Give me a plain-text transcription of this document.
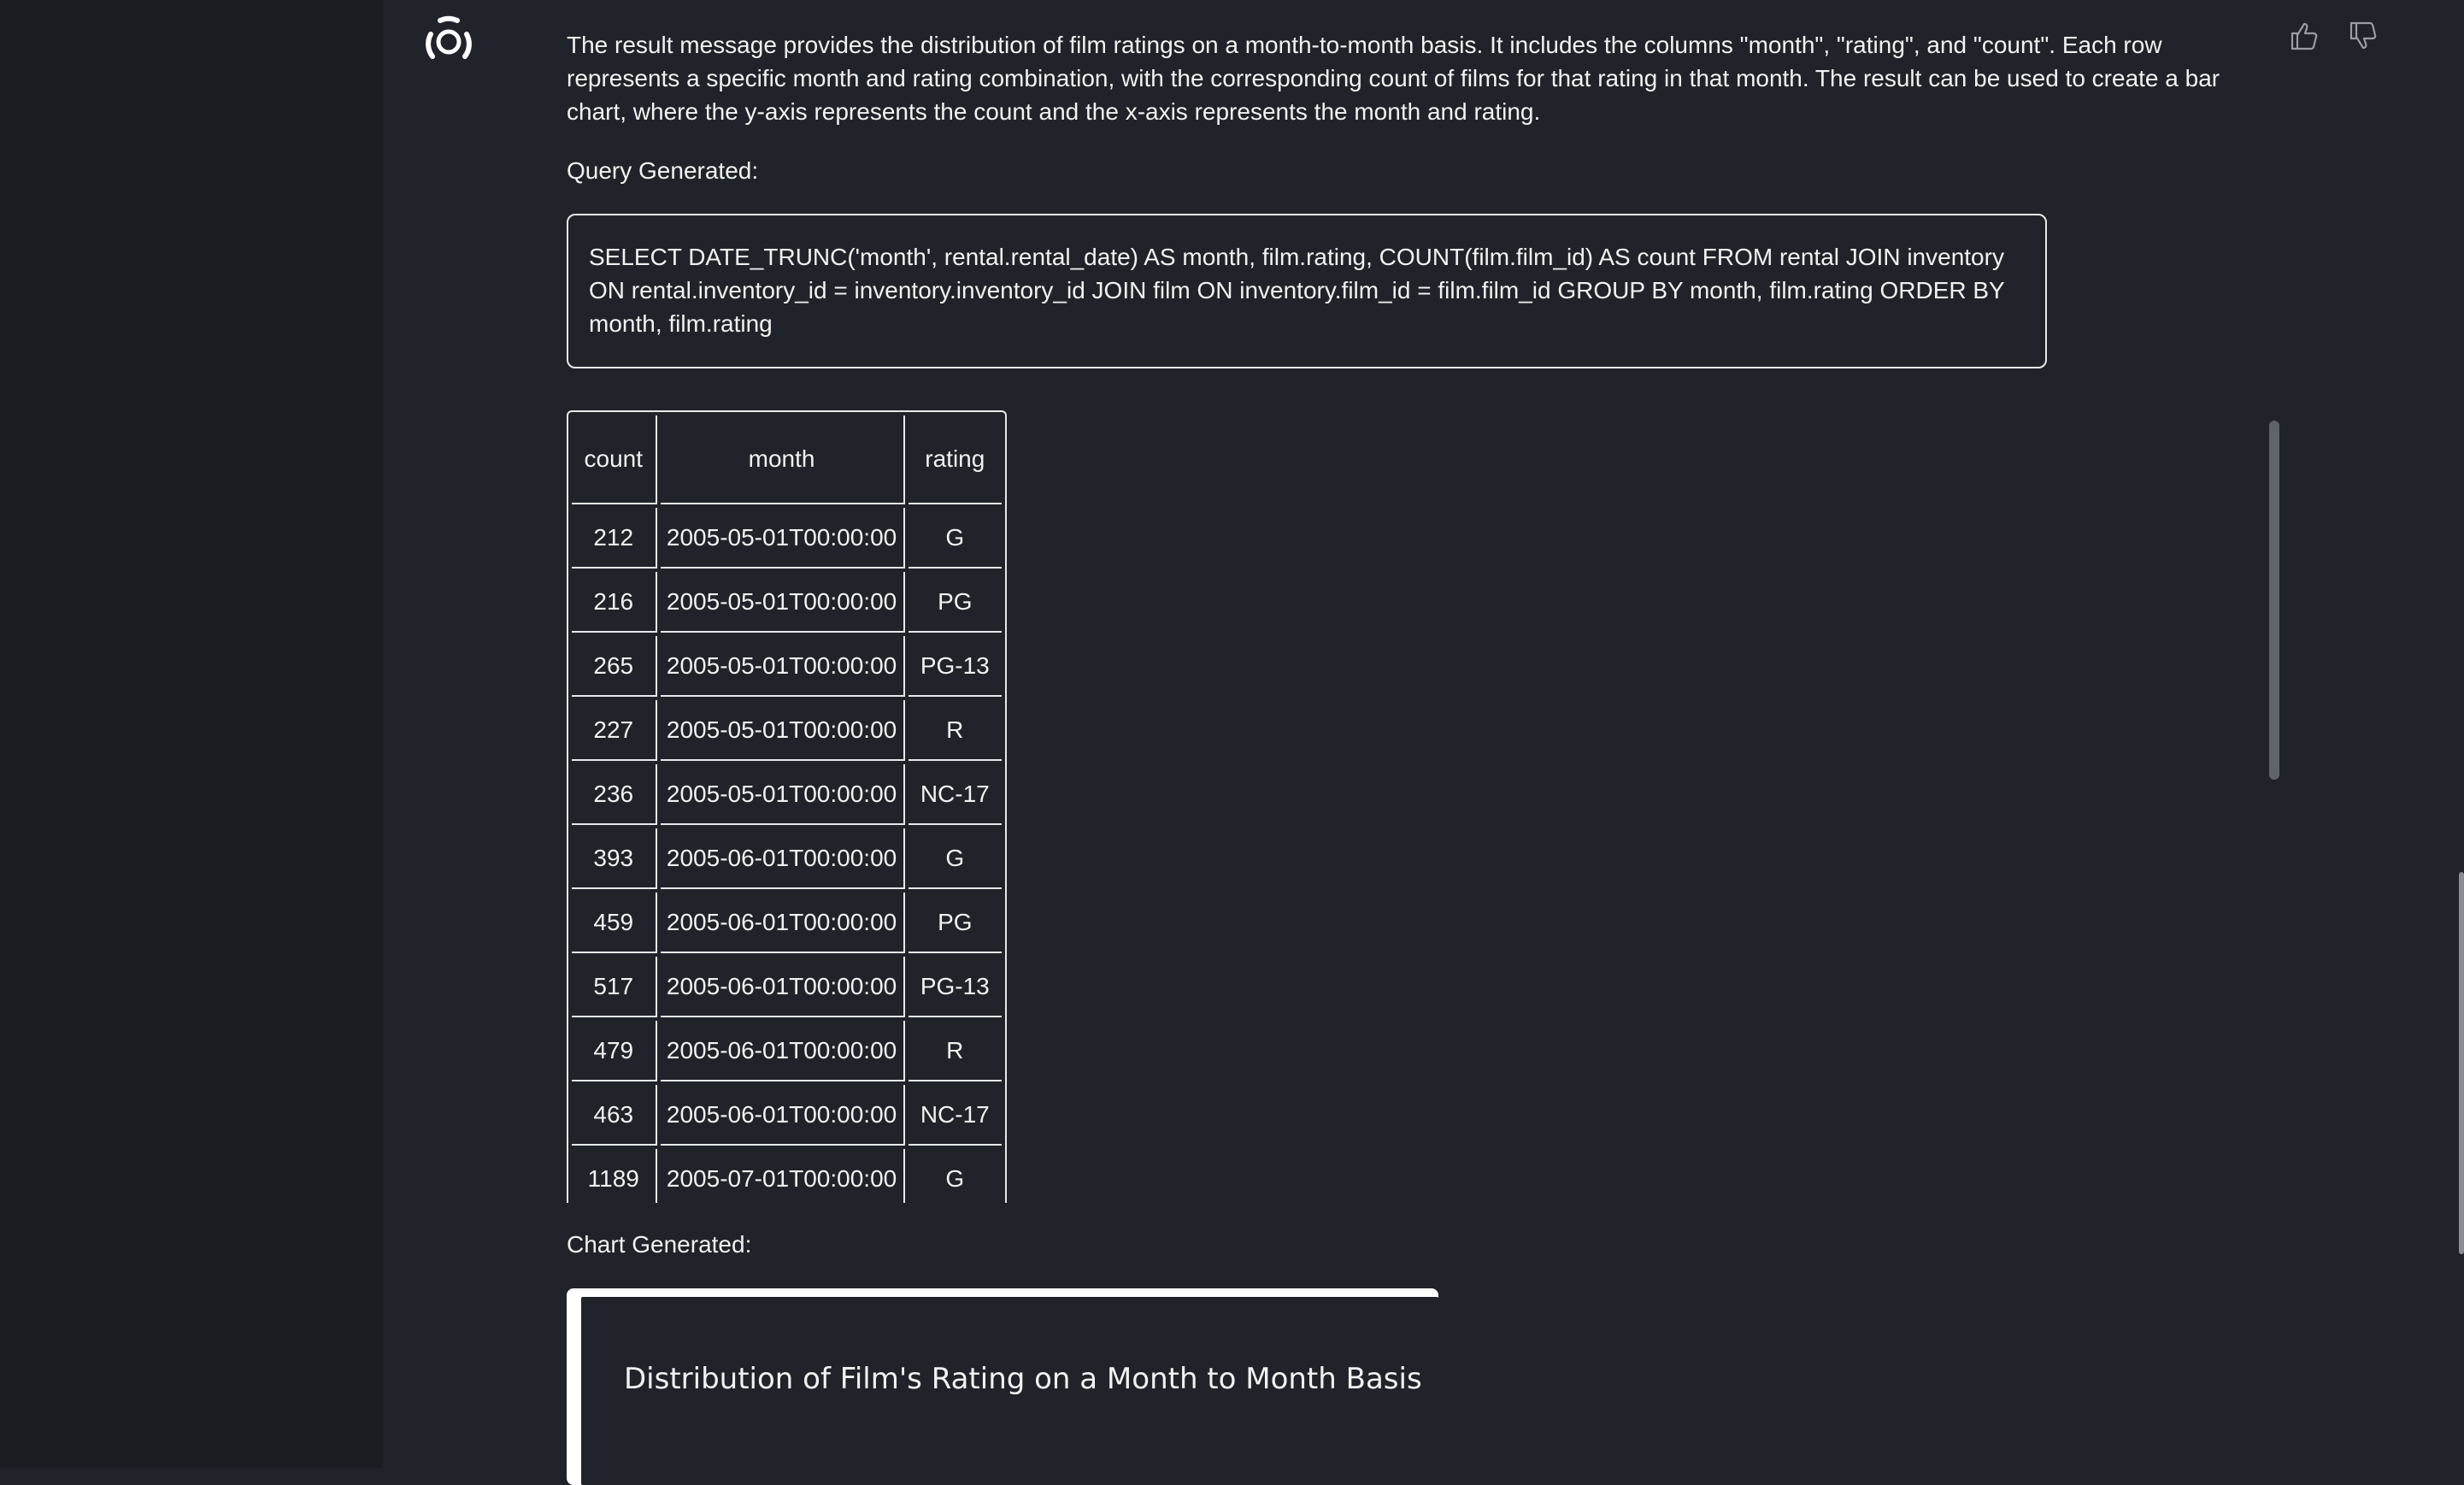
The result message provides the distribution of film ratings on a month-to-month basis. It includes the columns "month", "rating", and "count". Each row represents a specific month and rating combination, with the corresponding count of films for that rating in that month. The result can be used to create a bar chart, where the y-axis represents the count and the x-axis represents the month and rating.

Query Generated:

SELECT DATE_TRUNC('month', rental.rental_date) AS month, film.rating, COUNT(film.film_id) AS count FROM rental JOIN inventory ON rental.inventory_id = inventory.inventory_id JOIN film ON inventory.film_id = film.film_id GROUP BY month, film.rating ORDER BY month, film.rating

count	month	rating
212	2005-05-01T00:00:00	G
216	2005-05-01T00:00:00	PG
265	2005-05-01T00:00:00	PG-13
227	2005-05-01T00:00:00	R
236	2005-05-01T00:00:00	NC-17
393	2005-06-01T00:00:00	G
459	2005-06-01T00:00:00	PG
517	2005-06-01T00:00:00	PG-13
479	2005-06-01T00:00:00	R
463	2005-06-01T00:00:00	NC-17
1189	2005-07-01T00:00:00	G

Chart Generated:

Distribution of Film's Rating on a Month to Month Basis
